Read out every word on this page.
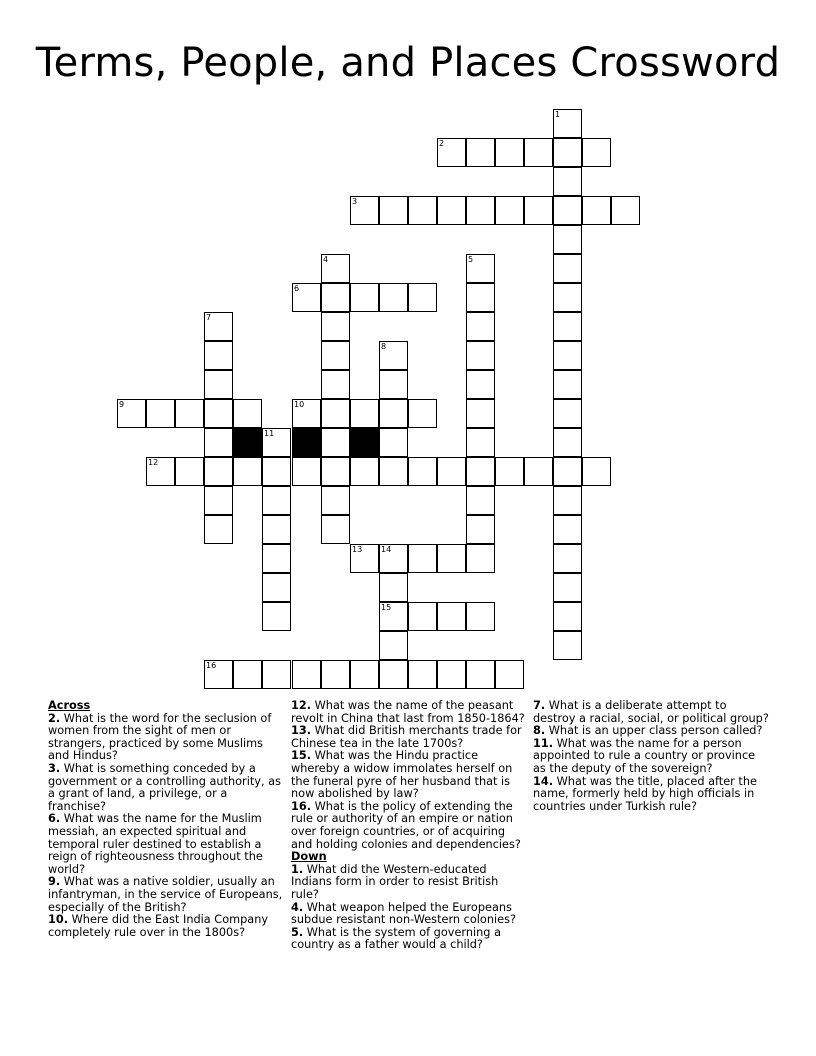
Terms, People, and Places Crossword
1
2
3
4	5
6
7
8
9	10
11
12
13 14
15
16
Across
2. What is the word for the seclusion of women from the sight of men or strangers, practiced by some Muslims and Hindus?
3. What is something conceded by a government or a controlling authority, as a grant of land, a privilege, or a franchise?
6. What was the name for the Muslim messiah, an expected spiritual and temporal ruler destined to establish a reign of righteousness throughout the world?
9. What was a native soldier, usually an infantryman, in the service of Europeans, especially of the British?
10. Where did the East India Company completely rule over in the 1800s?
12. What was the name of the peasant revolt in China that last from 1850-1864?
13. What did British merchants trade for Chinese tea in the late 1700s?
15. What was the Hindu practice whereby a widow immolates herself on the funeral pyre of her husband that is now abolished by law?
16. What is the policy of extending the rule or authority of an empire or nation over foreign countries, or of acquiring and holding colonies and dependencies?
Down
1. What did the Western-educated Indians form in order to resist British rule?
4. What weapon helped the Europeans subdue resistant non-Western colonies?
5. What is the system of governing a country as a father would a child?
7. What is a deliberate attempt to destroy a racial, social, or political group?
8. What is an upper class person called?
11. What was the name for a person appointed to rule a country or province as the deputy of the sovereign?
14. What was the title, placed after the name, formerly held by high officials in countries under Turkish rule?
